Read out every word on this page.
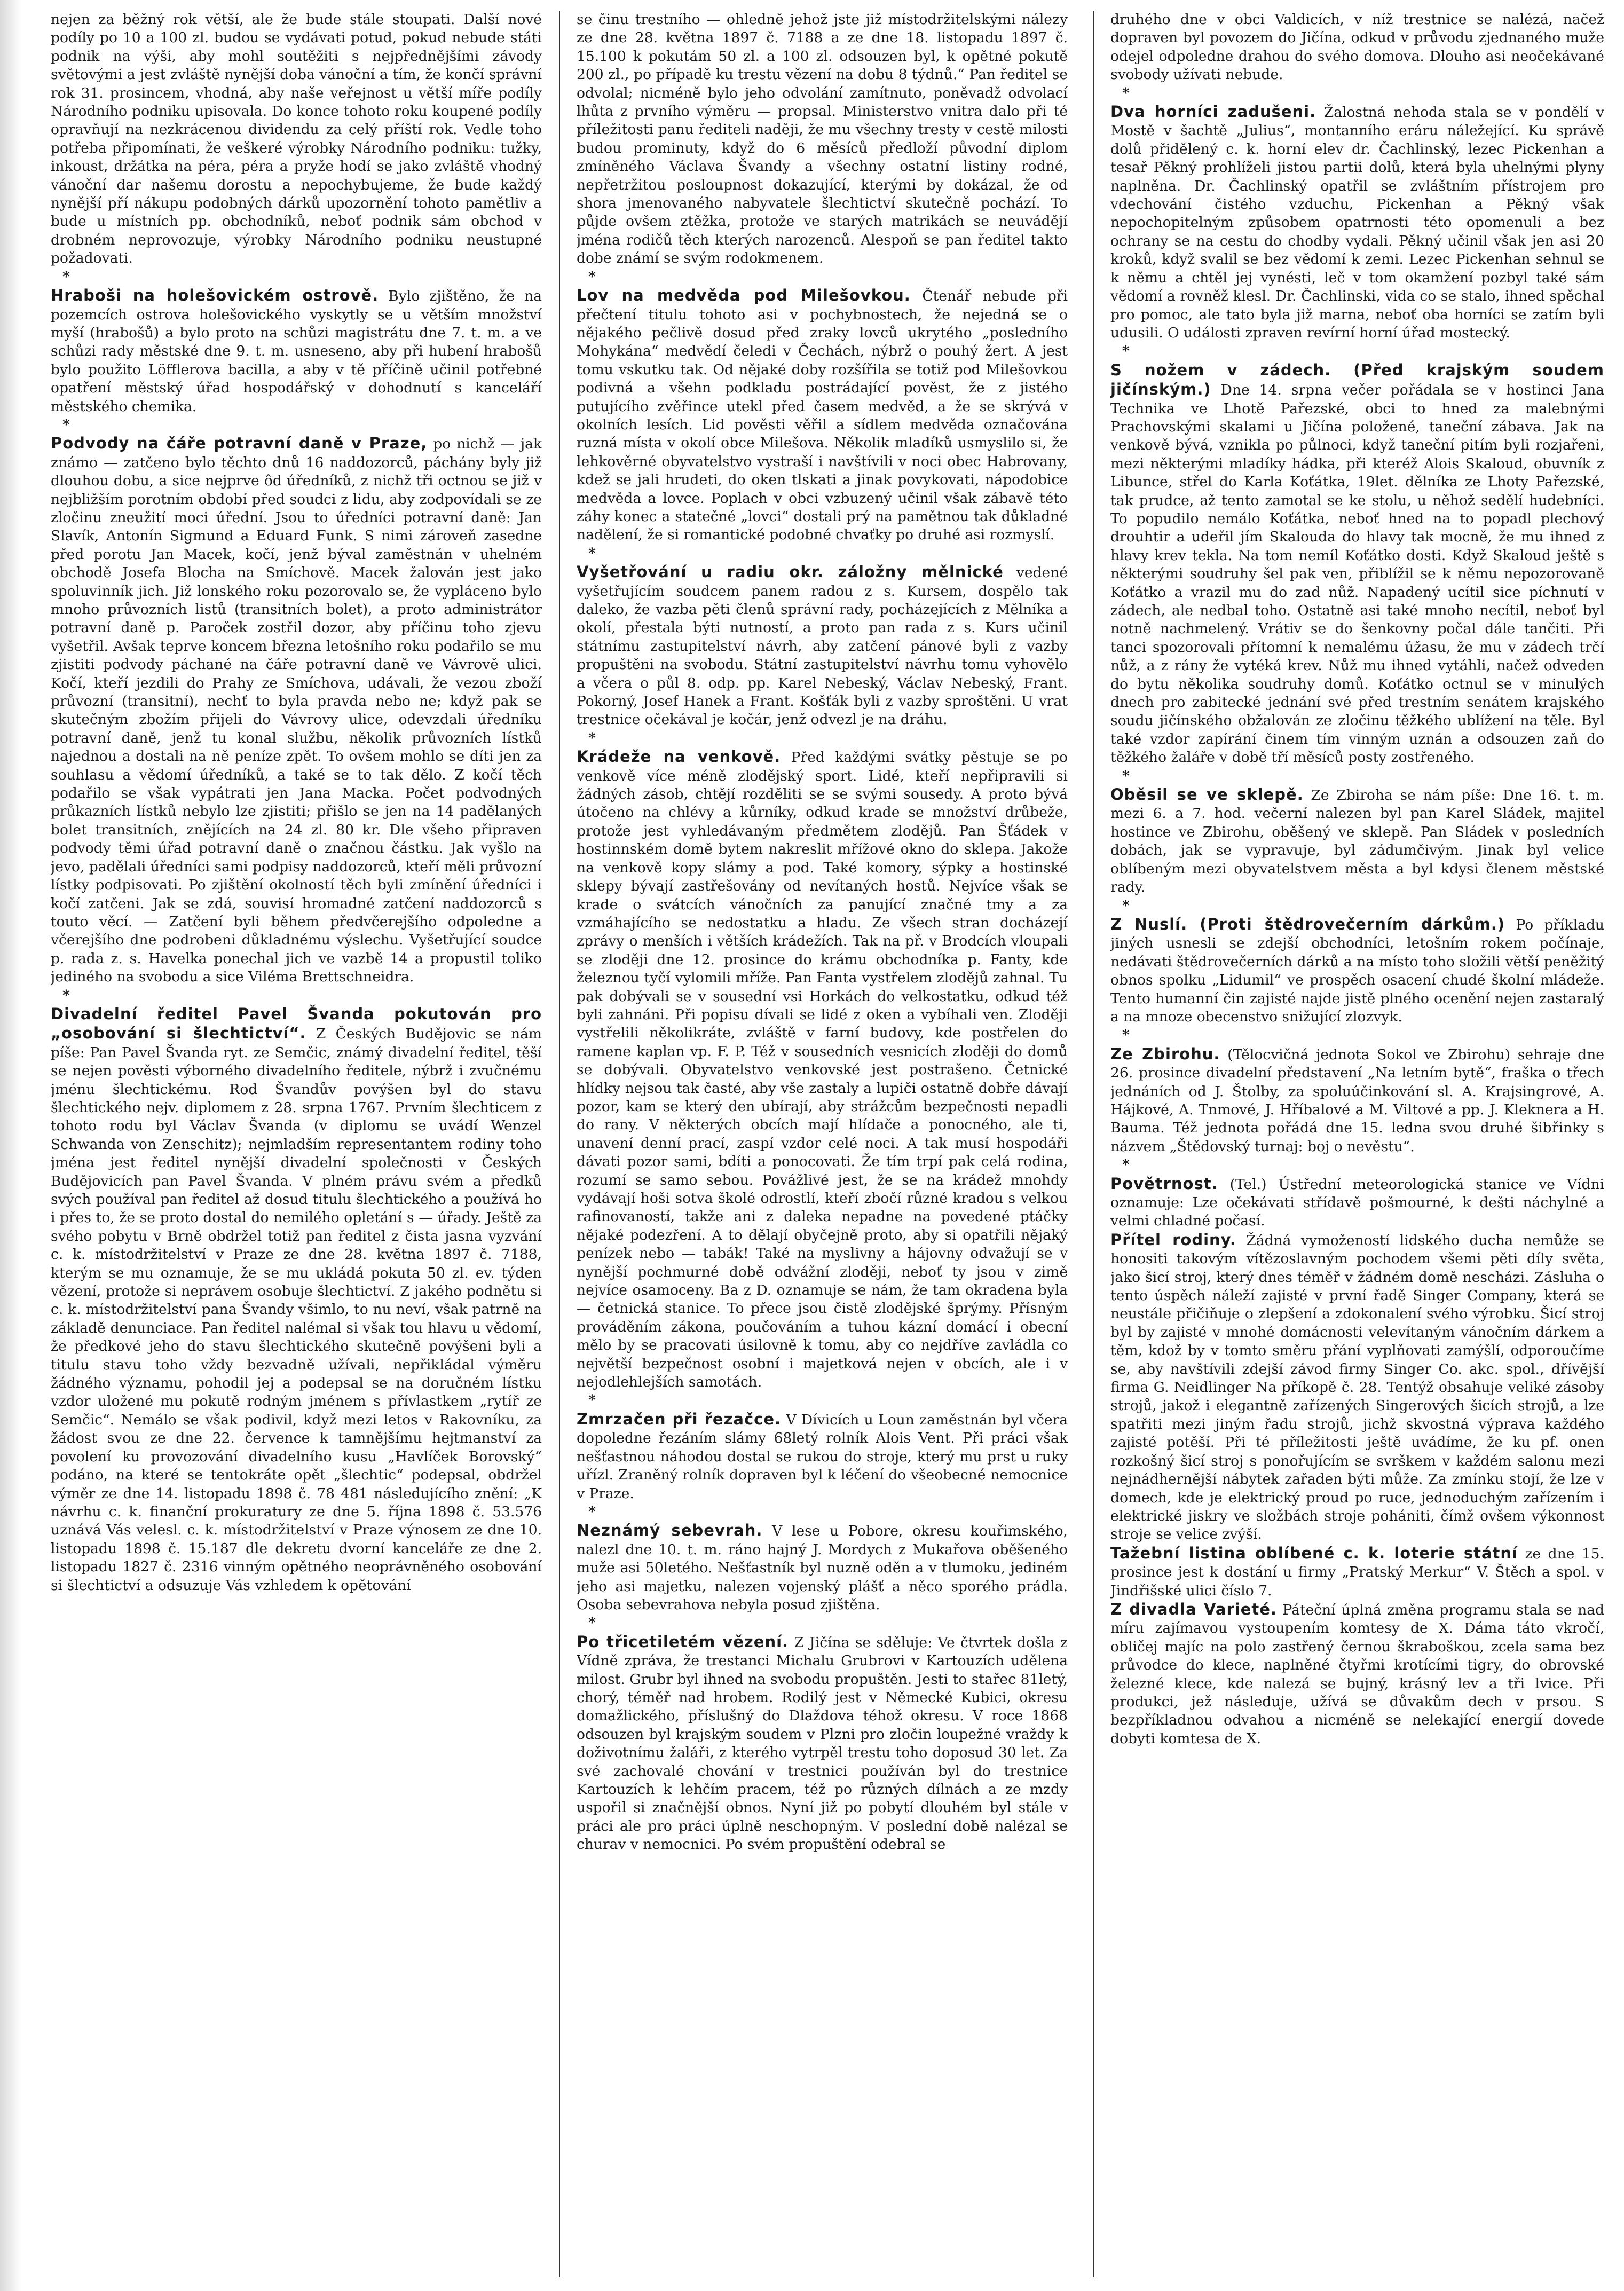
nejen za běžný rok větší, ale že bude stále stoupati. Další nové podíly po 10 a 100 zl. budou se vydávati potud, pokud nebude státi podnik na výši, aby mohl soutěžiti s nejpřednějšími závody světovými a jest zvláště nynější doba vánoční a tím, že končí správní rok 31. prosincem, vhodná, aby naše veřejnost u větší míře podíly Národního podniku upisovala. Do konce tohoto roku koupené podíly opravňují na nezkrácenou dividendu za celý příští rok. Vedle toho potřeba připomínati, že veškeré výrobky Národního podniku: tužky, inkoust, držátka na péra, péra a pryže hodí se jako zvláště vhodný vánoční dar našemu dorostu a nepochybujeme, že bude každý nynější pří nákupu podobných dárků upozornění tohoto pamětliv a bude u místních pp. obchodníků, neboť podnik sám obchod v drobném neprovozuje, výrobky Národního podniku neustupné požadovati.

*

Hraboši na holešovickém ostrově. Bylo zjištěno, že na pozemcích ostrova holešovického vyskytly se u větším množství myší (hrabošů) a bylo proto na schůzi magistrátu dne 7. t. m. a ve schůzi rady městské dne 9. t. m. usneseno, aby při hubení hrabošů bylo použito Löfflerova bacilla, a aby v tě příčině učinil potřebné opatření městský úřad hospodářský v dohodnutí s kanceláří městského chemika.

*

Podvody na čáře potravní daně v Praze, po nichž — jak známo — zatčeno bylo těchto dnů 16 naddozorců, páchány byly již dlouhou dobu, a sice nejprve ôd úředníků, z nichž tři octnou se již v nejbližším porotním období před soudci z lidu, aby zodpovídali se ze zločinu zneužití moci úřední. Jsou to úředníci potravní daně: Jan Slavík, Antonín Sigmund a Eduard Funk. S nimi zároveň zasedne před porotu Jan Macek, kočí, jenž býval zaměstnán v uhelném obchodě Josefa Blocha na Smíchově. Macek žalován jest jako spoluvinník jich. Již lonského roku pozorovalo se, že vypláceno bylo mnoho průvozních listů (transitních bolet), a proto administrátor potravní daně p. Paroček zostřil dozor, aby příčinu toho zjevu vyšetřil. Avšak teprve koncem března letošního roku podařilo se mu zjistiti podvody páchané na čáře potravní daně ve Vávrově ulici. Kočí, kteří jezdili do Prahy ze Smíchova, udávali, že vezou zboží průvozní (transitní), nechť to byla pravda nebo ne; když pak se skutečným zbožím přijeli do Vávrovy ulice, odevzdali úředníku potravní daně, jenž tu konal službu, několik průvozních lístků najednou a dostali na ně peníze zpět. To ovšem mohlo se díti jen za souhlasu a vědomí úředníků, a také se to tak dělo. Z kočí těch podařilo se však vypátrati jen Jana Macka. Počet podvodných průkazních lístků nebylo lze zjistiti; přišlo se jen na 14 padělaných bolet transitních, znějících na 24 zl. 80 kr. Dle všeho připraven podvody těmi úřad potravní daně o značnou částku. Jak vyšlo na jevo, padělali úředníci sami podpisy naddozorců, kteří měli průvozní lístky podpisovati. Po zjištění okolností těch byli zmínění úředníci i kočí zatčeni. Jak se zdá, souvisí hromadné zatčení naddozorců s touto věcí. — Zatčení byli během předvčerejšího odpoledne a včerejšího dne podrobeni důkladnému výslechu. Vyšetřující soudce p. rada z. s. Havelka ponechal jich ve vazbě 14 a propustil toliko jediného na svobodu a sice Viléma Brettschneidra.

*

Divadelní ředitel Pavel Švanda pokutován pro „osobování si šlechtictví“. Z Českých Budějovic se nám píše: Pan Pavel Švanda ryt. ze Semčic, známý divadelní ředitel, těší se nejen pověsti výborného divadelního ředitele, nýbrž i zvučnému jménu šlechtickému. Rod Švandův povýšen byl do stavu šlechtického nejv. diplomem z 28. srpna 1767. Prvním šlechticem z tohoto rodu byl Václav Švanda (v diplomu se uvádí Wenzel Schwanda von Zenschitz); nejmladším representantem rodiny toho jména jest ředitel nynější divadelní společnosti v Českých Budějovicích pan Pavel Švanda. V plném právu svém a předků svých používal pan ředitel až dosud titulu šlechtického a používá ho i přes to, že se proto dostal do nemilého opletání s — úřady. Ještě za svého pobytu v Brně obdržel totiž pan ředitel z čista jasna vyzvání c. k. místodržitelství v Praze ze dne 28. května 1897 č. 7188, kterým se mu oznamuje, že se mu ukládá pokuta 50 zl. ev. týden vězení, protože si neprávem osobuje šlechtictví. Z jakého podnětu si c. k. místodržitelství pana Švandy všimlo, to nu neví, však patrně na základě denunciace. Pan ředitel nalémal si však tou hlavu u vědomí, že předkové jeho do stavu šlechtického skutečně povýšeni byli a titulu stavu toho vždy bezvadně užívali, nepřikládal výměru žádného významu, pohodil jej a podepsal se na doručném lístku vzdor uložené mu pokutě rodným jménem s přívlastkem „rytíř ze Semčic“. Nemálo se však podivil, když mezi letos v Rakovníku, za žádost svou ze dne 22. července k tamnějšímu hejtmanství za povolení ku provozování divadelního kusu „Havlíček Borovský“ podáno, na které se tentokráte opět „šlechtic“ podepsal, obdržel výměr ze dne 14. listopadu 1898 č. 78 481 následujícího znění: „K návrhu c. k. finanční prokuratury ze dne 5. října 1898 č. 53.576 uznává Vás velesl. c. k. místodržitelství v Praze výnosem ze dne 10. listopadu 1898 č. 15.187 dle dekretu dvorní kanceláře ze dne 2. listopadu 1827 č. 2316 vinným opětného neoprávněného osobování si šlechtictví a odsuzuje Vás vzhledem k opětování

se činu trestního — ohledně jehož jste již místodržitelskými nálezy ze dne 28. května 1897 č. 7188 a ze dne 18. listopadu 1897 č. 15.100 k pokutám 50 zl. a 100 zl. odsouzen byl, k opětné pokutě 200 zl., po případě ku trestu vězení na dobu 8 týdnů.“ Pan ředitel se odvolal; nicméně bylo jeho odvolání zamítnuto, poněvadž odvolací lhůta z prvního výměru — propsal. Ministerstvo vnitra dalo při té příležitosti panu řediteli naději, že mu všechny tresty v cestě milosti budou prominuty, když do 6 měsíců předloží původní diplom zmíněného Václava Švandy a všechny ostatní listiny rodné, nepřetržitou posloupnost dokazující, kterými by dokázal, že od shora jmenovaného nabyvatele šlechtictví skutečně pochází. To půjde ovšem ztěžka, protože ve starých matrikách se neuvádějí jména rodičů těch kterých narozenců. Alespoň se pan ředitel takto dobe známí se svým rodokmenem.

*

Lov na medvěda pod Milešovkou. Čtenář nebude při přečtení titulu tohoto asi v pochybnostech, že nejedná se o nějakého pečlivě dosud před zraky lovců ukrytého „posledního Mohykána“ medvědí čeledi v Čechách, nýbrž o pouhý žert. A jest tomu vskutku tak. Od nějaké doby rozšířila se totiž pod Milešovkou podivná a všehn podkladu postrádající pověst, že z jistého putujícího zvěřince utekl před časem medvěd, a že se skrývá v okolních lesích. Lid pověsti věřil a sídlem medvěda označována ruzná místa v okolí obce Milešova. Několik mladíků usmyslilo si, že lehkověrné obyvatelstvo vystraší i navštívili v noci obec Habrovany, kdež se jali hrudeti, do oken tlskati a jinak povykovati, nápodobice medvěda a lovce. Poplach v obci vzbuzený učinil však zábavě této záhy konec a statečné „lovci“ dostali prý na pamětnou tak důkladné nadělení, že si romantické podobné chvaťky po druhé asi rozmyslí.

*

Vyšetřování u radiu okr. záložny mělnické vedené vyšetřujícím soudcem panem radou z s. Kursem, dospělo tak daleko, že vazba pěti členů správní rady, pocházejících z Mělníka a okolí, přestala býti nutností, a proto pan rada z s. Kurs učinil státnímu zastupitelství návrh, aby zatčení pánové byli z vazby propuštěni na svobodu. Státní zastupitelství návrhu tomu vyhovělo a včera o půl 8. odp. pp. Karel Nebeský, Václav Nebeský, Frant. Pokorný, Josef Hanek a Frant. Košťák byli z vazby sproštěni. U vrat trestnice očekával je kočár, jenž odvezl je na dráhu.

*

Krádeže na venkově. Před každými svátky pěstuje se po venkově více méně zlodějský sport. Lidé, kteří nepřipravili si žádných zásob, chtějí rozděliti se se svými sousedy. A proto bývá útočeno na chlévy a kůrníky, odkud krade se množství drůbeže, protože jest vyhledávaným předmětem zlodějů. Pan Šťádek v hostinnském domě bytem nakreslit mřížové okno do sklepa. Jakože na venkově kopy slámy a pod. Také komory, sýpky a hostinské sklepy bývají zastřešovány od nevítaných hostů. Nejvíce však se krade o svátcích vánočních za panující značné tmy a za vzmáhajícího se nedostatku a hladu. Ze všech stran docházejí zprávy o menších i větších krádežích. Tak na př. v Brodcích vloupali se zloději dne 12. prosince do krámu obchodníka p. Fanty, kde železnou tyčí vylomili mříže. Pan Fanta vystřelem zlodějů zahnal. Tu pak dobývali se v sousední vsi Horkách do velkostatku, odkud též byli zahnáni. Při popisu dívali se lidé z oken a vybíhali ven. Zloději vystřelili několikráte, zvláště v farní budovy, kde postřelen do ramene kaplan vp. F. P. Též v sousedních vesnicích zloději do domů se dobývali. Obyvatelstvo venkovské jest postrašeno. Četnické hlídky nejsou tak časté, aby vše zastaly a lupiči ostatně dobře dávají pozor, kam se který den ubírají, aby strážcům bezpečnosti nepadli do rany. V některých obcích mají hlídače a ponocného, ale ti, unavení denní prací, zaspí vzdor celé noci. A tak musí hospodáři dávati pozor sami, bdíti a ponocovati. Že tím trpí pak celá rodina, rozumí se samo sebou. Povážlivé jest, že se na krádež mnohdy vydávají hoši sotva školé odrostlí, kteří zbočí různé kradou s velkou rafinovaností, takže ani z daleka nepadne na povedené ptáčky nějaké podezření. A to dělají obyčejně proto, aby si opatřili nějaký penízek nebo — tabák! Také na myslivny a hájovny odvažují se v nynější pochmurné době odvážní zloději, neboť ty jsou v zimě nejvíce osamoceny. Ba z D. oznamuje se nám, že tam okradena byla — četnická stanice. To přece jsou čistě zlodějské šprýmy. Přísným prováděním zákona, poučováním a tuhou kázní domácí i obecní mělo by se pracovati úsilovně k tomu, aby co nejdříve zavládla co největší bezpečnost osobní i majetková nejen v obcích, ale i v nejodlehlejších samotách.

*

Zmrzačen při řezačce. V Dívicích u Loun zaměstnán byl včera dopoledne řezáním slámy 68letý rolník Alois Vent. Při práci však nešťastnou náhodou dostal se rukou do stroje, který mu prst u ruky uřízl. Zraněný rolník dopraven byl k léčení do všeobecné nemocnice v Praze.

*

Neznámý sebevrah. V lese u Pobore, okresu kouřimského, nalezl dne 10. t. m. ráno hajný J. Mordych z Mukařova oběšeného muže asi 50letého. Nešťastník byl nuzně oděn a v tlumoku, jediném jeho asi majetku, nalezen vojenský plášť a něco sporého prádla. Osoba sebevrahova nebyla posud zjištěna.

*

Po třicetiletém vězení. Z Jičína se sděluje: Ve čtvrtek došla z Vídně zpráva, že trestanci Michalu Grubrovi v Kartouzích udělena milost. Grubr byl ihned na svobodu propuštěn. Jesti to stařec 81letý, chorý, téměř nad hrobem. Rodilý jest v Německé Kubici, okresu domažlického, příslušný do Dlaždova téhož okresu. V roce 1868 odsouzen byl krajským soudem v Plzni pro zločin loupežné vraždy k doživotnímu žaláři, z kterého vytrpěl trestu toho doposud 30 let. Za své zachovalé chování v trestnici používán byl do trestnice Kartouzích k lehčím pracem, též po různých dílnách a ze mzdy uspořil si značnější obnos. Nyní již po pobytí dlouhém byl stále v práci ale pro práci úplně neschopným. V poslední době nalézal se churav v nemocnici. Po svém propuštění odebral se

druhého dne v obci Valdicích, v níž trestnice se nalézá, načež dopraven byl povozem do Jičína, odkud v průvodu zjednaného muže odejel odpoledne drahou do svého domova. Dlouho asi neočekávané svobody užívati nebude.

*

Dva horníci zadušeni. Žalostná nehoda stala se v pondělí v Mostě v šachtě „Julius“, montanního eráru náležející. Ku správě dolů přidělený c. k. horní elev dr. Čachlinský, lezec Pickenhan a tesař Pěkný prohlíželi jistou partii dolů, která byla uhelnými plyny naplněna. Dr. Čachlinský opatřil se zvláštním přístrojem pro vdechování čistého vzduchu, Pickenhan a Pěkný však nepochopitelným způsobem opatrnosti této opomenuli a bez ochrany se na cestu do chodby vydali. Pěkný učinil však jen asi 20 kroků, když svalil se bez vědomí k zemi. Lezec Pickenhan sehnul se k němu a chtěl jej vynésti, leč v tom okamžení pozbyl také sám vědomí a rovněž klesl. Dr. Čachlinski, vida co se stalo, ihned spěchal pro pomoc, ale tato byla již marna, neboť oba horníci se zatím byli udusili. O události zpraven revírní horní úřad mostecký.

*

S nožem v zádech. (Před krajským soudem jičínským.) Dne 14. srpna večer pořádala se v hostinci Jana Technika ve Lhotě Pařezské, obci to hned za malebnými Prachovskými skalami u Jičína položené, taneční zábava. Jak na venkově bývá, vznikla po půlnoci, když taneční pitím byli rozjařeni, mezi některými mladíky hádka, při kteréž Alois Skaloud, obuvník z Libunce, střel do Karla Koťátka, 19let. dělníka ze Lhoty Pařezské, tak prudce, až tento zamotal se ke stolu, u něhož sedělí hudebníci. To popudilo nemálo Koťátka, neboť hned na to popadl plechový drouhtir a udeřil jím Skalouda do hlavy tak mocně, že mu ihned z hlavy krev tekla. Na tom nemíl Koťátko dosti. Když Skaloud ještě s některými soudruhy šel pak ven, přiblížil se k němu nepozorovaně Koťátko a vrazil mu do zad nůž. Napadený ucítil sice píchnutí v zádech, ale nedbal toho. Ostatně asi také mnoho necítil, neboť byl notně nachmelený. Vrátiv se do šenkovny počal dále tančiti. Při tanci spozorovali přítomní k nemalému úžasu, že mu v zádech trčí nůž, a z rány že vytéká krev. Nůž mu ihned vytáhli, načež odveden do bytu několika soudruhy domů. Koťátko octnul se v minulých dnech pro zabitecké jednání své před trestním senátem krajského soudu jičínského obžalován ze zločinu těžkého ublížení na těle. Byl také vzdor zapírání činem tím vinným uznán a odsouzen zaň do těžkého žaláře v době tří měsíců posty zostřeného.

*

Oběsil se ve sklepě. Ze Zbiroha se nám píše: Dne 16. t. m. mezi 6. a 7. hod. večerní nalezen byl pan Karel Sládek, majitel hostince ve Zbirohu, oběšený ve sklepě. Pan Sládek v posledních dobách, jak se vypravuje, byl zádumčivým. Jinak byl velice oblíbeným mezi obyvatelstvem města a byl kdysi členem městské rady.

*

Z Nuslí. (Proti štědrovečerním dárkům.) Po příkladu jiných usnesli se zdejší obchodníci, letošním rokem počínaje, nedávati štědrovečerních dárků a na místo toho složili větší peněžitý obnos spolku „Lidumil“ ve prospěch osacení chudé školní mládeže. Tento humanní čin zajisté najde jistě plného ocenění nejen zastaralý a na mnoze obecenstvo snižující zlozvyk.

*

Ze Zbirohu. (Tělocvičná jednota Sokol ve Zbirohu) sehraje dne 26. prosince divadelní představení „Na letním bytě“, fraška o třech jednáních od J. Štolby, za spoluúčinkování sl. A. Krajsingrové, A. Hájkové, A. Tnmové, J. Hříbalové a M. Viltové a pp. J. Kleknera a H. Bauma. Též jednota pořádá dne 15. ledna svou druhé šibřinky s názvem „Štědovský turnaj: boj o nevěstu“.

*

Povětrnost. (Tel.) Ústřední meteorologická stanice ve Vídni oznamuje: Lze očekávati střídavě pošmourné, k dešti náchylné a velmi chladné počasí.

Přítel rodiny. Žádná vymožeností lidského ducha nemůže se honositi takovým vítězoslavným pochodem všemi pěti díly světa, jako šicí stroj, který dnes téměř v žádném domě nescházi. Zásluha o tento úspěch náleží zajisté v první řadě Singer Company, která se neustále přičiňuje o zlepšení a zdokonalení svého výrobku. Šicí stroj byl by zajisté v mnohé domácnosti velevítaným vánočním dárkem a těm, kdož by v tomto směru přání vyplňovati zamýšlí, odporoučíme se, aby navštívili zdejší závod firmy Singer Co. akc. spol., dřívější firma G. Neidlinger Na příkopě č. 28. Tentýž obsahuje veliké zásoby strojů, jakož i elegantně zařízených Singerových šicích strojů, a lze spatřiti mezi jiným řadu strojů, jichž skvostná výprava každého zajisté potěší. Při té příležitosti ještě uvádíme, že ku pf. onen rozkošný šicí stroj s ponořujícím se svrškem v každém salonu mezi nejnádhernější nábytek zařaden býti může. Za zmínku stojí, že lze v domech, kde je elektrický proud po ruce, jednoduchým zařízením i elektrické jiskry ve složbách stroje pohániti, čímž ovšem výkonnost stroje se velice zvýší.

Tažební listina oblíbené c. k. loterie státní ze dne 15. prosince jest k dostání u firmy „Pratský Merkur“ V. Štěch a spol. v Jindřišské ulici číslo 7.

Z divadla Varieté. Páteční úplná změna programu stala se nad míru zajímavou vystoupením komtesy de X. Dáma táto vkročí, obličej majíc na polo zastřený černou škraboškou, zcela sama bez průvodce do klece, naplněné čtyřmi krotícími tigry, do obrovské železné klece, kde nalezá se bujný, krásný lev a tři lvice. Při produkci, jež následuje, užívá se důvakům dech v prsou. S bezpříkladnou odvahou a nicméně se nelekající energií dovede dobyti komtesa de X.
